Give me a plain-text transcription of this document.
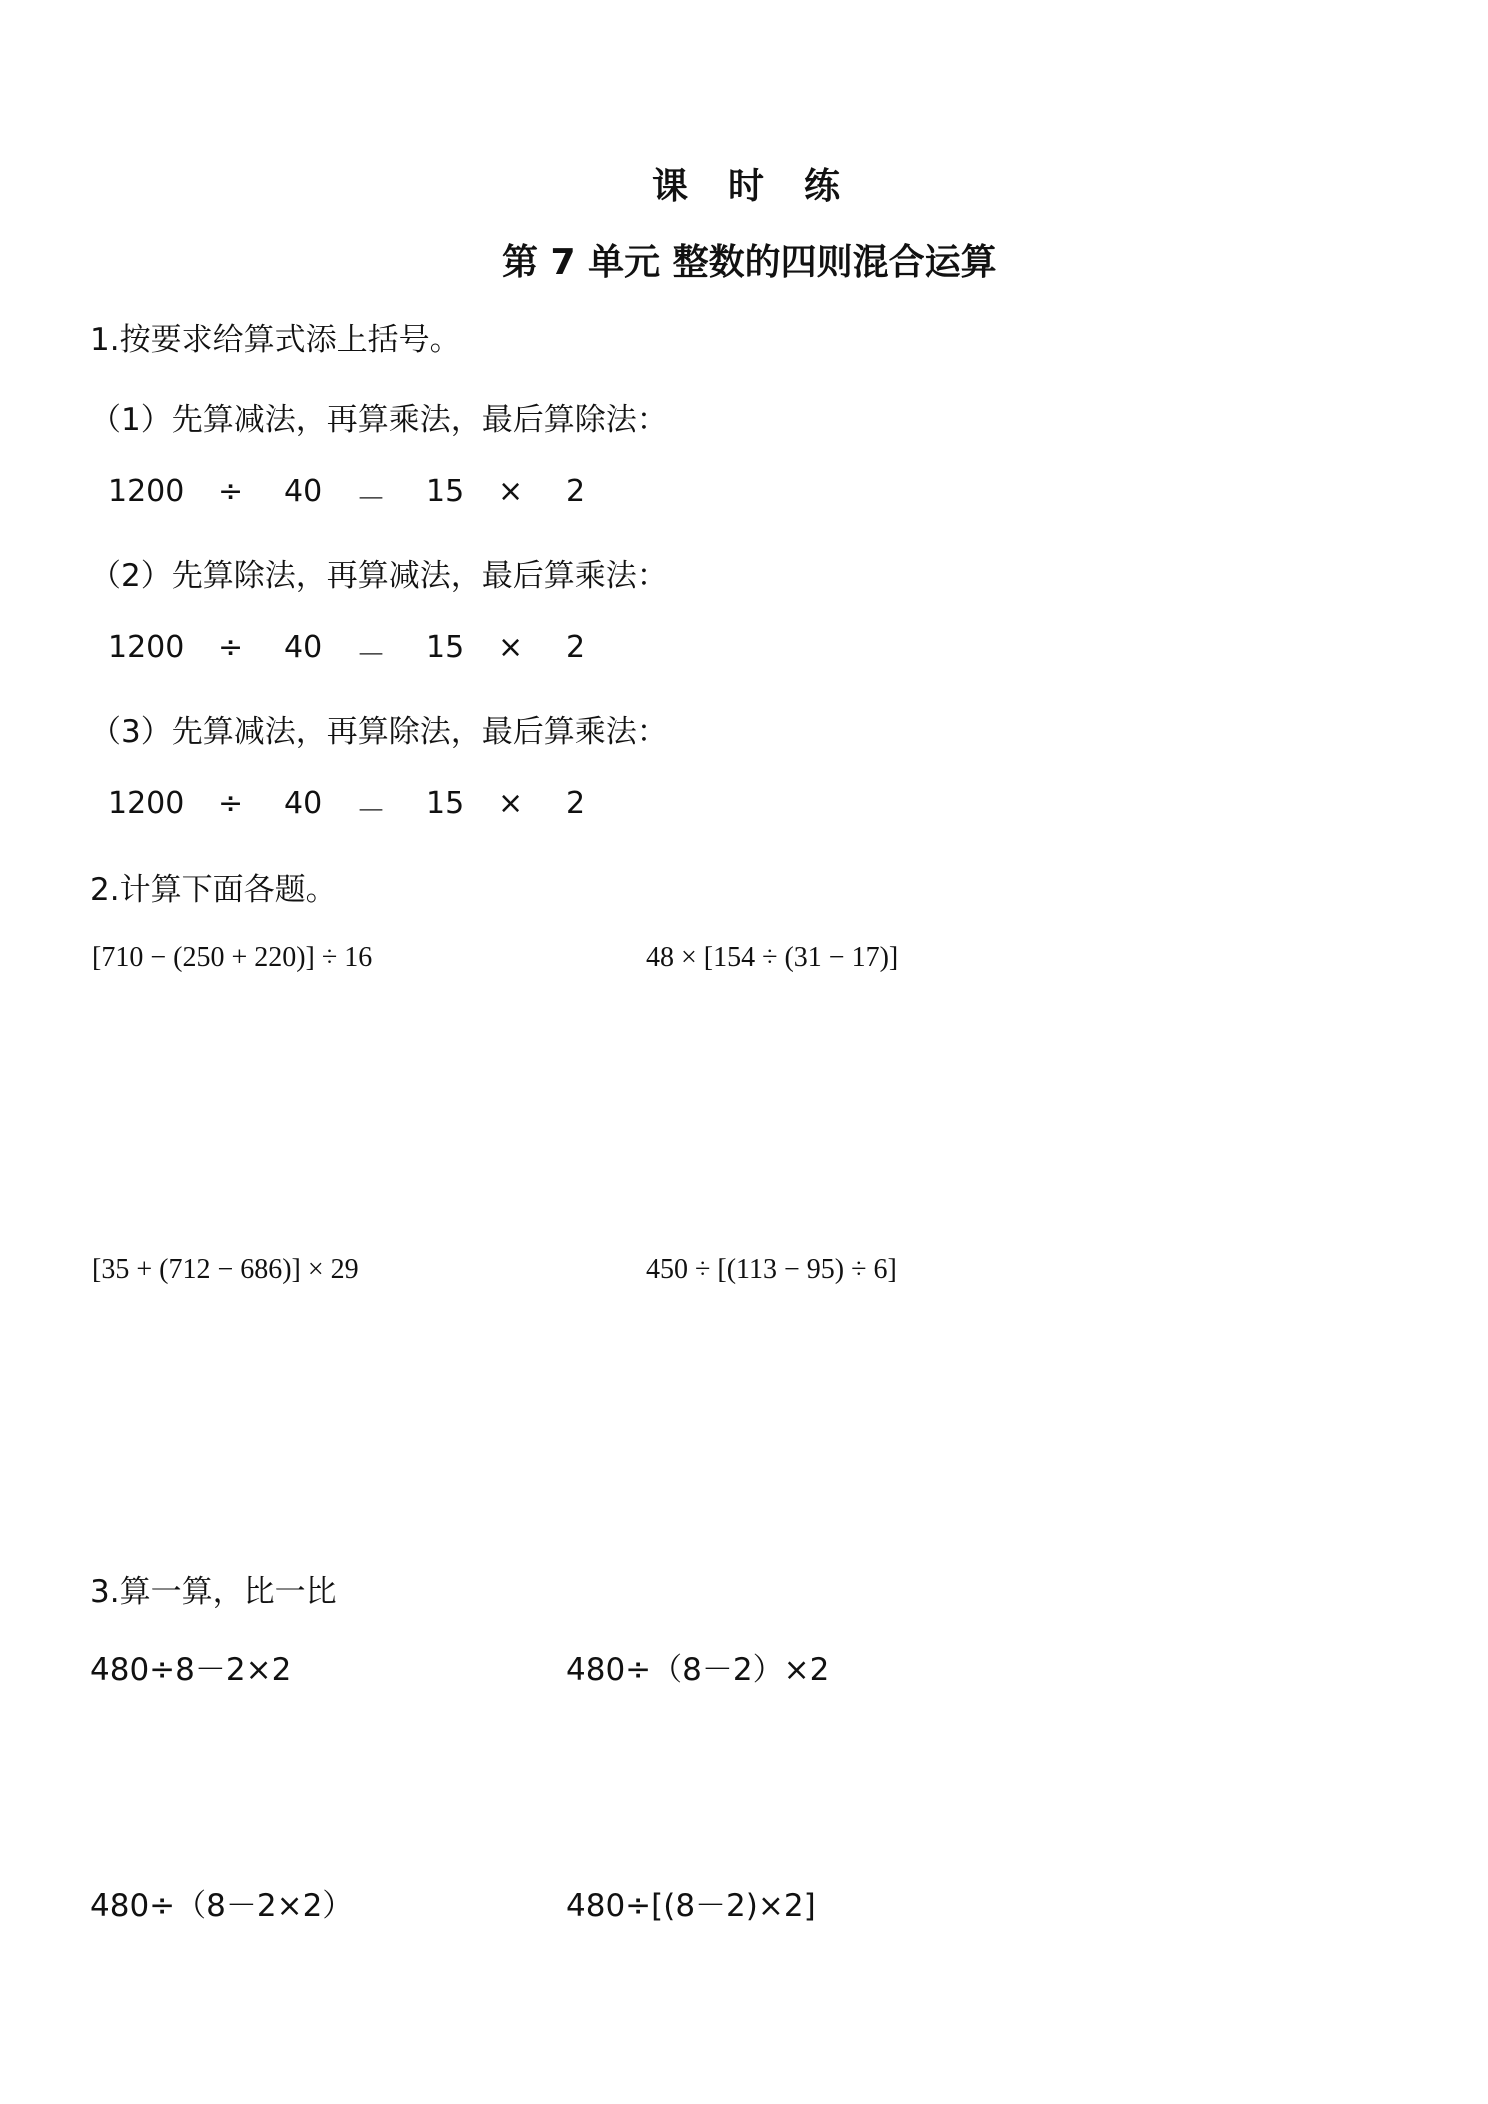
课 时 练
第 7 单元 整数的四则混合运算
1.按要求给算式添上括号。
（1）先算减法，再算乘法，最后算除法：
1200 ÷ 40 － 15 × 2
（2）先算除法，再算减法，最后算乘法：
1200 ÷ 40 － 15 × 2
（3）先算减法，再算除法，最后算乘法：
1200 ÷ 40 － 15 × 2
2.计算下面各题。
[710 − (250 + 220)] ÷ 16	48 × [154 ÷ (31 − 17)]
[35 + (712 − 686)] × 29	450 ÷ [(113 − 95) ÷ 6]
3.算一算，比一比
480÷8－2×2	480÷（8－2）×2
480÷（8－2×2）	480÷[(8－2)×2]
